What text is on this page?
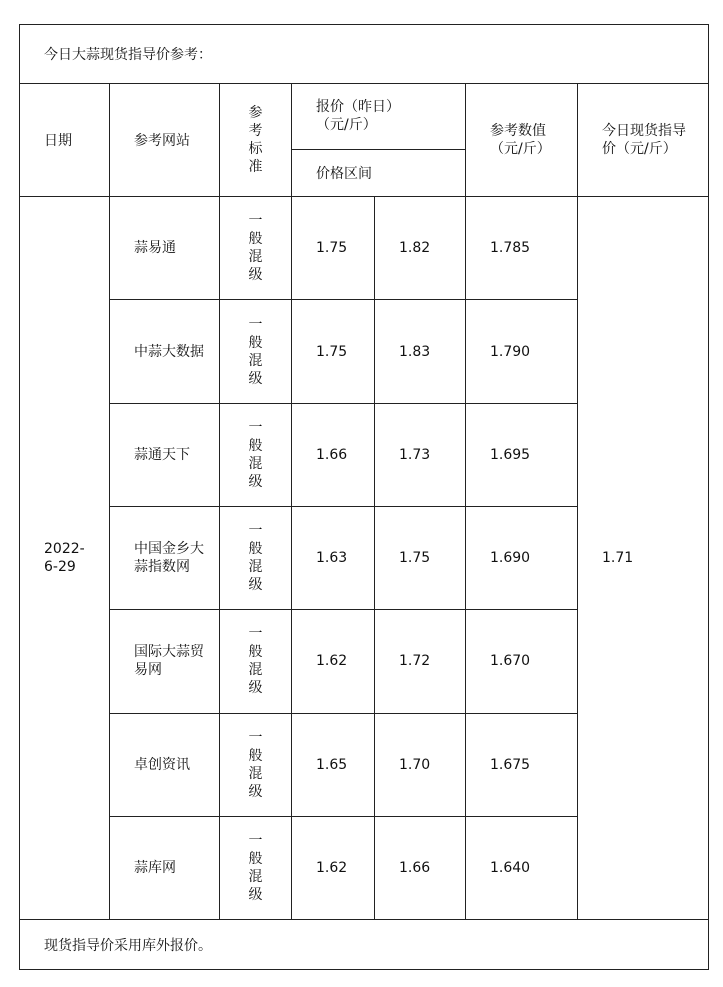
今日大蒜现货指导价参考：						
日期	参考网站	参考标准	报价（昨日）（元/斤）		参考数值（元/斤）	今日现货指导价（元/斤）

			价格区间			

2022-6-29	蒜易通	一般混级	1.75	1.82	1.785	1.71

	中蒜大数据	一般混级	1.75	1.83	1.790	

	蒜通天下	一般混级	1.66	1.73	1.695	

	中国金乡大蒜指数网	一般混级	1.63	1.75	1.690	

	国际大蒜贸易网	一般混级	1.62	1.72	1.670	

	卓创资讯	一般混级	1.65	1.70	1.675	

	蒜库网	一般混级	1.62	1.66	1.640	
现货指导价采用库外报价。						
